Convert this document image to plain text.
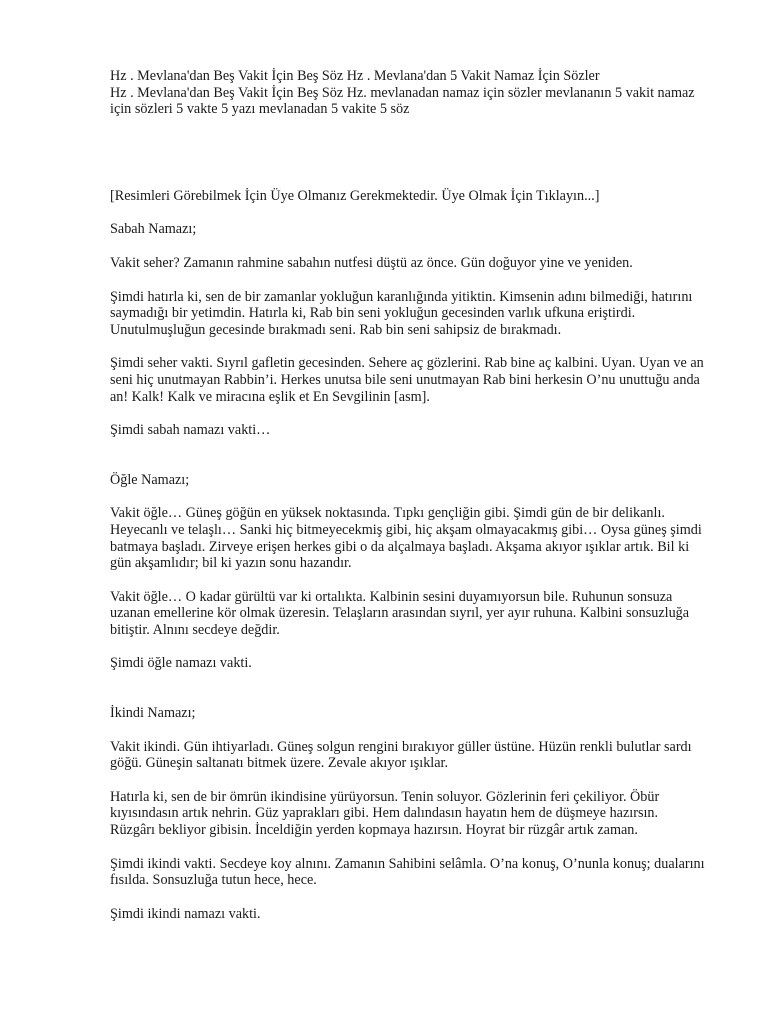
Hz . Mevlana'dan Beş Vakit İçin Beş Söz Hz . Mevlana'dan 5 Vakit Namaz İçin Sözler

Hz . Mevlana'dan Beş Vakit İçin Beş Söz Hz. mevlanadan namaz için sözler mevlananın 5 vakit namaz için sözleri 5 vakte 5 yazı mevlanadan 5 vakite 5 söz

[Resimleri Görebilmek İçin Üye Olmanız Gerekmektedir. Üye Olmak İçin Tıklayın...]

Sabah Namazı;

Vakit seher? Zamanın rahmine sabahın nutfesi düştü az önce. Gün doğuyor yine ve yeniden.

Şimdi hatırla ki, sen de bir zamanlar yokluğun karanlığında yitiktin. Kimsenin adını bilmediği, hatırını saymadığı bir yetimdin. Hatırla ki, Rab bin seni yokluğun gecesinden varlık ufkuna eriştirdi. Unutulmuşluğun gecesinde bırakmadı seni. Rab bin seni sahipsiz de bırakmadı.

Şimdi seher vakti. Sıyrıl gafletin gecesinden. Sehere aç gözlerini. Rab bine aç kalbini. Uyan. Uyan ve an seni hiç unutmayan Rabbin’i. Herkes unutsa bile seni unutmayan Rab bini herkesin O’nu unuttuğu anda an! Kalk! Kalk ve miracına eşlik et En Sevgilinin [asm].

Şimdi sabah namazı vakti…

Öğle Namazı;

Vakit öğle… Güneş göğün en yüksek noktasında. Tıpkı gençliğin gibi. Şimdi gün de bir delikanlı. Heyecanlı ve telaşlı… Sanki hiç bitmeyecekmiş gibi, hiç akşam olmayacakmış gibi… Oysa güneş şimdi batmaya başladı. Zirveye erişen herkes gibi o da alçalmaya başladı. Akşama akıyor ışıklar artık. Bil ki gün akşamlıdır; bil ki yazın sonu hazandır.

Vakit öğle… O kadar gürültü var ki ortalıkta. Kalbinin sesini duyamıyorsun bile. Ruhunun sonsuza uzanan emellerine kör olmak üzeresin. Telaşların arasından sıyrıl, yer ayır ruhuna. Kalbini sonsuzluğa bitiştir. Alnını secdeye değdir.

Şimdi öğle namazı vakti.

İkindi Namazı;

Vakit ikindi. Gün ihtiyarladı. Güneş solgun rengini bırakıyor güller üstüne. Hüzün renkli bulutlar sardı göğü. Güneşin saltanatı bitmek üzere. Zevale akıyor ışıklar.

Hatırla ki, sen de bir ömrün ikindisine yürüyorsun. Tenin soluyor. Gözlerinin feri çekiliyor. Öbür kıyısındasın artık nehrin. Güz yaprakları gibi. Hem dalındasın hayatın hem de düşmeye hazırsın.

Rüzgârı bekliyor gibisin. İnceldiğin yerden kopmaya hazırsın. Hoyrat bir rüzgâr artık zaman.

Şimdi ikindi vakti. Secdeye koy alnını. Zamanın Sahibini selâmla. O’na konuş, O’nunla konuş; dualarını fısılda. Sonsuzluğa tutun hece, hece.

Şimdi ikindi namazı vakti.
